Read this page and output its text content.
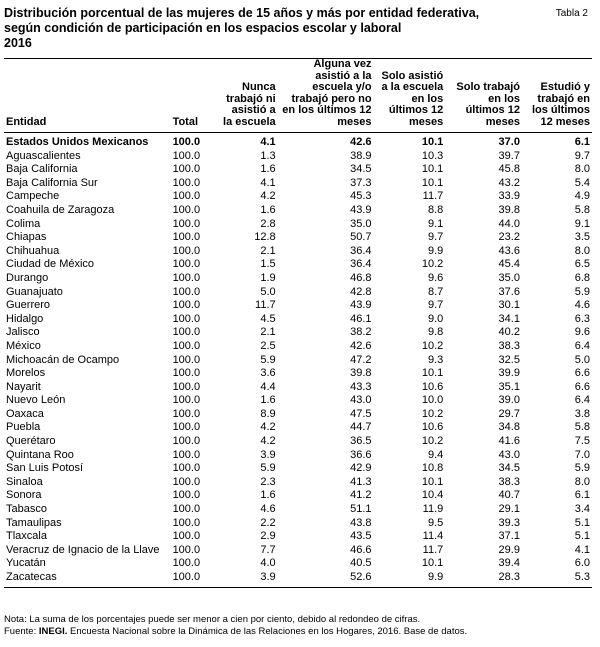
Distribución porcentual de las mujeres de 15 años y más por entidad federativa,
según condición de participación en los espacios escolar y laboral
2016
Tabla 2
Entidad	Total	Nunca trabajó ni asistió a la escuela	Alguna vez asistió a la escuela y/o trabajó pero no en los últimos 12 meses	Solo asistió a la escuela en los últimos 12 meses	Solo trabajó en los últimos 12 meses	Estudió y trabajó en los últimos 12 meses
Estados Unidos Mexicanos	100.0	4.1	42.6	10.1	37.0	6.1
Aguascalientes	100.0	1.3	38.9	10.3	39.7	9.7
Baja California	100.0	1.6	34.5	10.1	45.8	8.0
Baja California Sur	100.0	4.1	37.3	10.1	43.2	5.4
Campeche	100.0	4.2	45.3	11.7	33.9	4.9
Coahuila de Zaragoza	100.0	1.6	43.9	8.8	39.8	5.8
Colima	100.0	2.8	35.0	9.1	44.0	9.1
Chiapas	100.0	12.8	50.7	9.7	23.2	3.5
Chihuahua	100.0	2.1	36.4	9.9	43.6	8.0
Ciudad de México	100.0	1.5	36.4	10.2	45.4	6.5
Durango	100.0	1.9	46.8	9.6	35.0	6.8
Guanajuato	100.0	5.0	42.8	8.7	37.6	5.9
Guerrero	100.0	11.7	43.9	9.7	30.1	4.6
Hidalgo	100.0	4.5	46.1	9.0	34.1	6.3
Jalisco	100.0	2.1	38.2	9.8	40.2	9.6
México	100.0	2.5	42.6	10.2	38.3	6.4
Michoacán de Ocampo	100.0	5.9	47.2	9.3	32.5	5.0
Morelos	100.0	3.6	39.8	10.1	39.9	6.6
Nayarit	100.0	4.4	43.3	10.6	35.1	6.6
Nuevo León	100.0	1.6	43.0	10.0	39.0	6.4
Oaxaca	100.0	8.9	47.5	10.2	29.7	3.8
Puebla	100.0	4.2	44.7	10.6	34.8	5.8
Querétaro	100.0	4.2	36.5	10.2	41.6	7.5
Quintana Roo	100.0	3.9	36.6	9.4	43.0	7.0
San Luis Potosí	100.0	5.9	42.9	10.8	34.5	5.9
Sinaloa	100.0	2.3	41.3	10.1	38.3	8.0
Sonora	100.0	1.6	41.2	10.4	40.7	6.1
Tabasco	100.0	4.6	51.1	11.9	29.1	3.4
Tamaulipas	100.0	2.2	43.8	9.5	39.3	5.1
Tlaxcala	100.0	2.9	43.5	11.4	37.1	5.1
Veracruz de Ignacio de la Llave	100.0	7.7	46.6	11.7	29.9	4.1
Yucatán	100.0	4.0	40.5	10.1	39.4	6.0
Zacatecas	100.0	3.9	52.6	9.9	28.3	5.3
Nota: La suma de los porcentajes puede ser menor a cien por ciento, debido al redondeo de cifras.
Fuente: INEGI. Encuesta Nacional sobre la Dinámica de las Relaciones en los Hogares, 2016. Base de datos.
